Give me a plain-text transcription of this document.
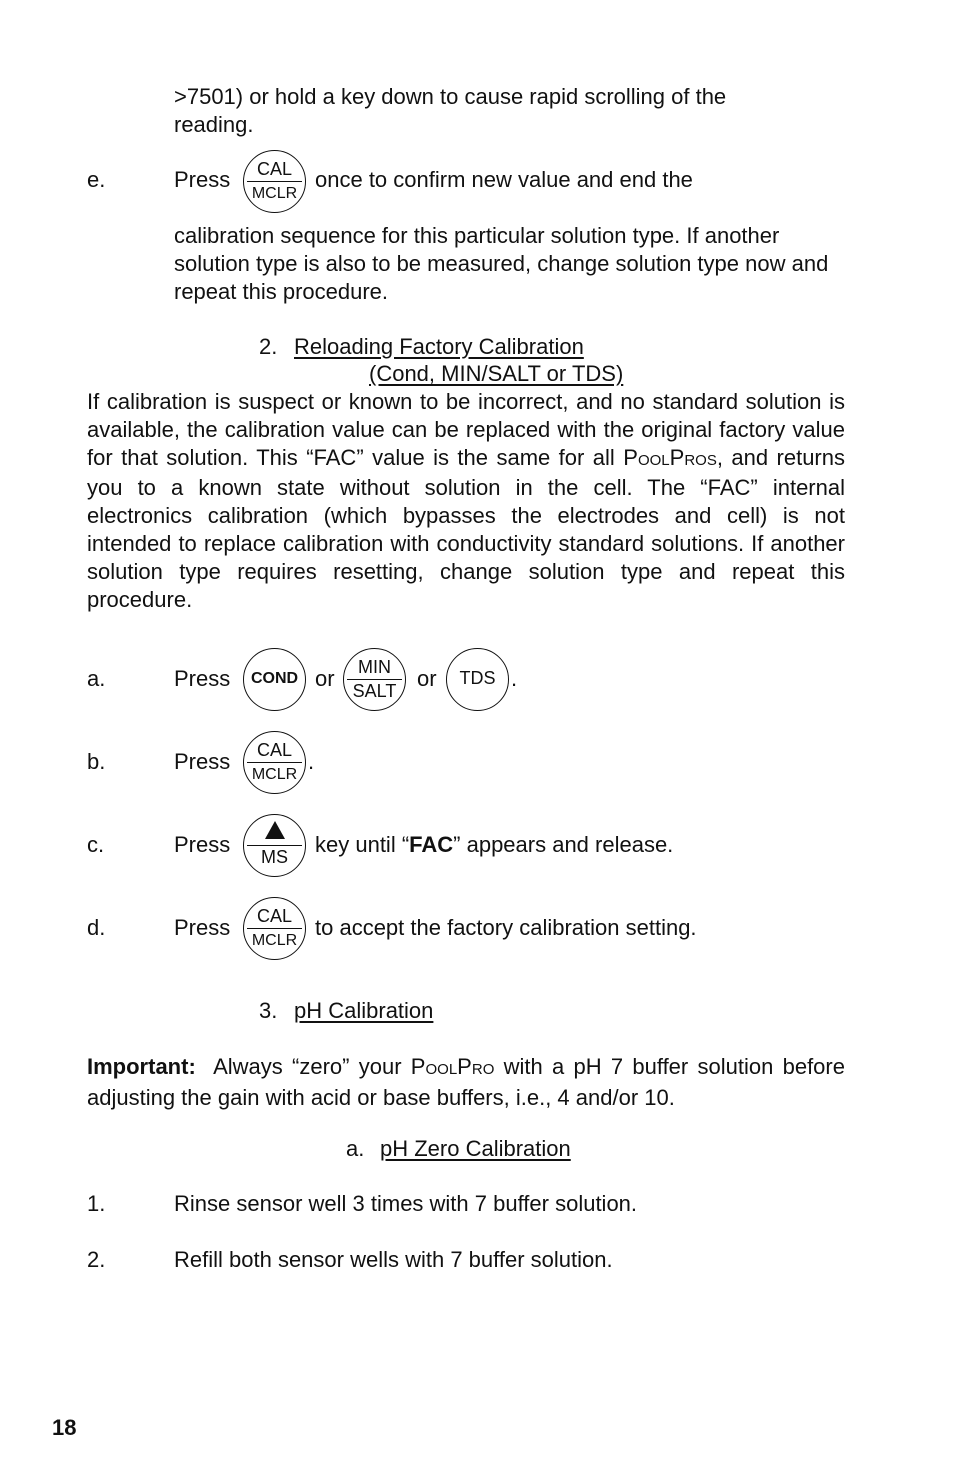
>7501) or hold a key down to cause rapid scrolling of the reading.
e.	Press	CAL
MCLR
once to confirm new value and end the
calibration sequence for this particular solution type. If another solution type is also to be measured, change solution type now and repeat this procedure.
2. Reloading Factory Calibration
(Cond, MIN/SALT or TDS)
If calibration is suspect or known to be incorrect, and no standard solution is available, the calibration value can be replaced with the original factory value for that solution. This “FAC” value is the same for all POOLPROS, and returns you to a known state without solution in the cell. The “FAC” internal electronics calibration (which bypasses the electrodes and cell) is not intended to replace calibration with conductivity standard solutions. If another solution type requires resetting, change solution type and repeat this procedure.
a.	Press	COND or	MIN
SALT or	TDS .
b.	Press	CAL
MCLR
.
c.	Press	MS	key until “FAC” appears and release.
d.	Press	CAL
MCLR
to accept the factory calibration setting.
3. pH Calibration
Important: Always “zero” your POOLPRO with a pH 7 buffer solution before adjusting the gain with acid or base buffers, i.e., 4 and/or 10.
a. pH Zero Calibration
1.	Rinse sensor well 3 times with 7 buffer solution.
2.	Refill both sensor wells with 7 buffer solution.
18
